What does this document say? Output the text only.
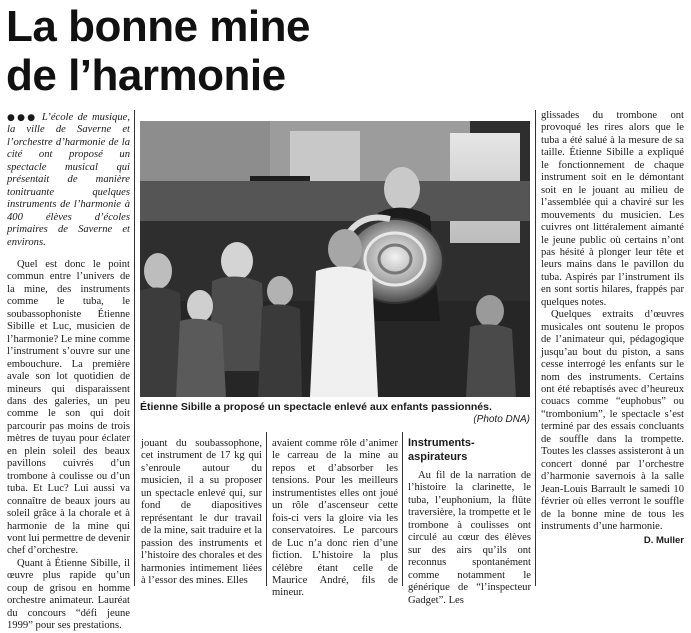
La bonne mine
de l’harmonie

●●● L’école de musique, la ville de Saverne et l’orchestre d’harmonie de la cité ont proposé un spectacle musical qui présentait de manière tonitruante quelques instruments de l’harmonie à 400 élèves d’écoles primaires de Saverne et environs.

Quel est donc le point commun entre l’univers de la mine, des instruments comme le tuba, le soubassophoniste Étienne Sibille et Luc, musicien de l’harmonie? Le mine comme l’instrument s’ouvre sur une embouchure. La première avale son lot quotidien de mineurs qui disparaissent dans des galeries, un peu comme le son qui doit parcourir pas moins de trois mètres de tuyau pour éclater en plein soleil des beaux pavillons cuivrés d’un trombone à coulisse ou d’un tuba. Et Luc? Lui aussi va connaître de beaux jours au soleil grâce à la chorale et à harmonie de la mine qui vont lui permettre de devenir chef d’orchestre.

Quant à Étienne Sibille, il œuvre plus rapide qu’un coup de grisou en homme orchestre animateur. Lauréat du concours “défi jeune 1999” pour ses prestations.

Étienne Sibille a proposé un spectacle enlevé aux enfants passionnés.
(Photo DNA)

jouant du soubassophone, cet instrument de 17 kg qui s’enroule autour du musicien, il a su proposer un spectacle enlevé qui, sur fond de diapositives représentant le dur travail de la mine, sait traduire et la passion des instruments et l’histoire des chorales et des harmonies intimement liées à l’essor des mines. Elles

avaient comme rôle d’animer le carreau de la mine au repos et d’absorber les tensions. Pour les meilleurs instrumentistes elles ont joué un rôle d’ascenseur cette fois-ci vers la gloire via les conservatoires. Le parcours de Luc n’a donc rien d’une fiction. L’histoire la plus célèbre étant celle de Maurice André, fils de mineur.

Instruments-aspirateurs

Au fil de la narration de l’histoire la clarinette, le tuba, l’euphonium, la flûte traversière, la trompette et le trombone à coulisses ont circulé au cœur des élèves sur des airs qu’ils ont reconnus spontanément comme notamment le générique de “l’inspecteur Gadget”. Les

glissades du trombone ont provoqué les rires alors que le tuba a été salué à la mesure de sa taille. Étienne Sibille a expliqué le fonctionnement de chaque instrument soit en le démontant soit en le jouant au milieu de l’assemblée qui a chaviré sur les mouvements du musicien. Les cuivres ont littéralement aimanté le jeune public où certains n’ont pas hésité à plonger leur tête et leurs mains dans le pavillon du tuba. Aspirés par l’instrument ils en sont sortis hilares, frappés par quelques notes.

Quelques extraits d’œuvres musicales ont soutenu le propos de l’animateur qui, pédagogique jusqu’au bout du piston, a sans cesse interrogé les enfants sur le nom des instruments. Certains ont été rebaptisés avec d’heureux couacs comme “euphobus” ou “trombonium”, le spectacle s’est terminé par des essais concluants de souffle dans la trompette. Toutes les classes assisteront à un concert donné par l’orchestre d’harmonie savernois à la salle Jean-Louis Barrault le samedi 10 février où elles verront le souffle de la bonne mine de tous les instruments d’une harmonie.

D. Muller
